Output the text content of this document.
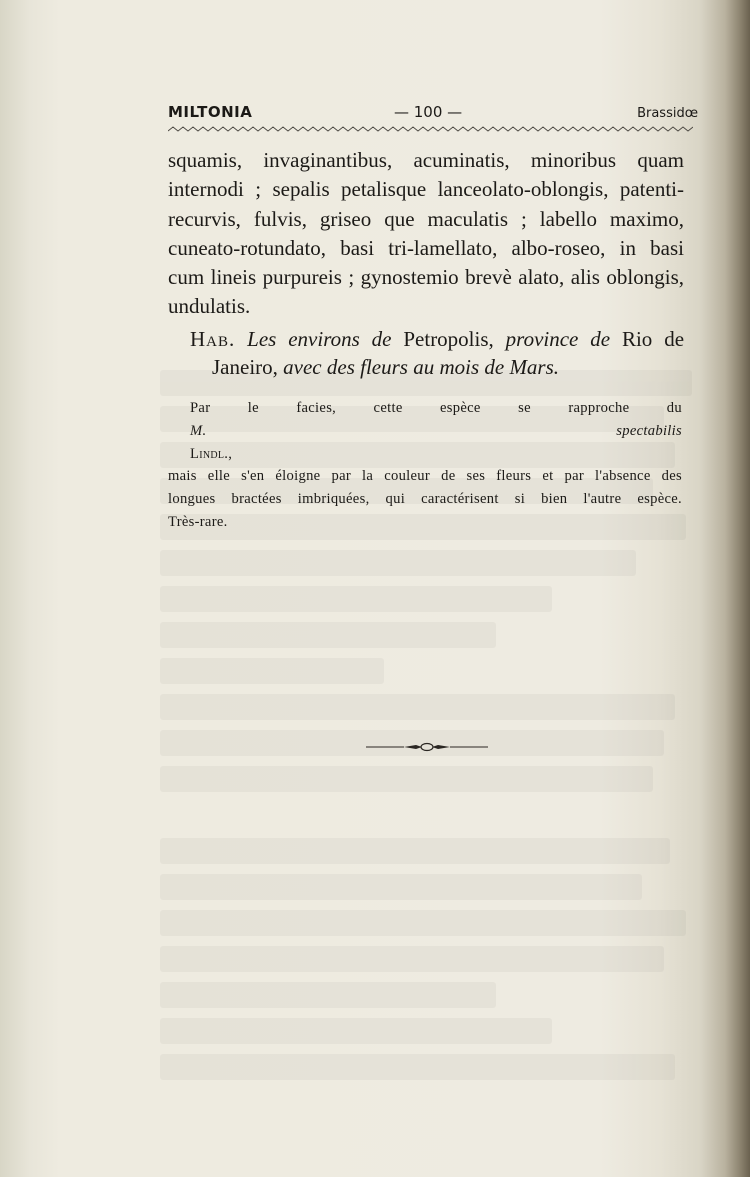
MILTONIA	— 100 —	Brassidœ
squamis, invaginantibus, acuminatis, minoribus quam
internodi ; sepalis petalisque lanceolato-oblongis, patenti-
recurvis, fulvis, griseo que maculatis ; labello maximo,
cuneato-rotundato, basi tri-lamellato, albo-roseo, in basi
cum lineis purpureis ; gynostemio brevè alato, alis oblongis,
undulatis.
Hab. Les environs de Petropolis, province de Rio de
Janeiro, avec des fleurs au mois de Mars.
Par le facies, cette espèce se rapproche du
M. spectabilis
Lindl.,
mais elle s'en éloigne par la couleur de ses fleurs et par l'absence des
longues bractées imbriquées, qui caractérisent si bien l'autre espèce.
Très-rare.
